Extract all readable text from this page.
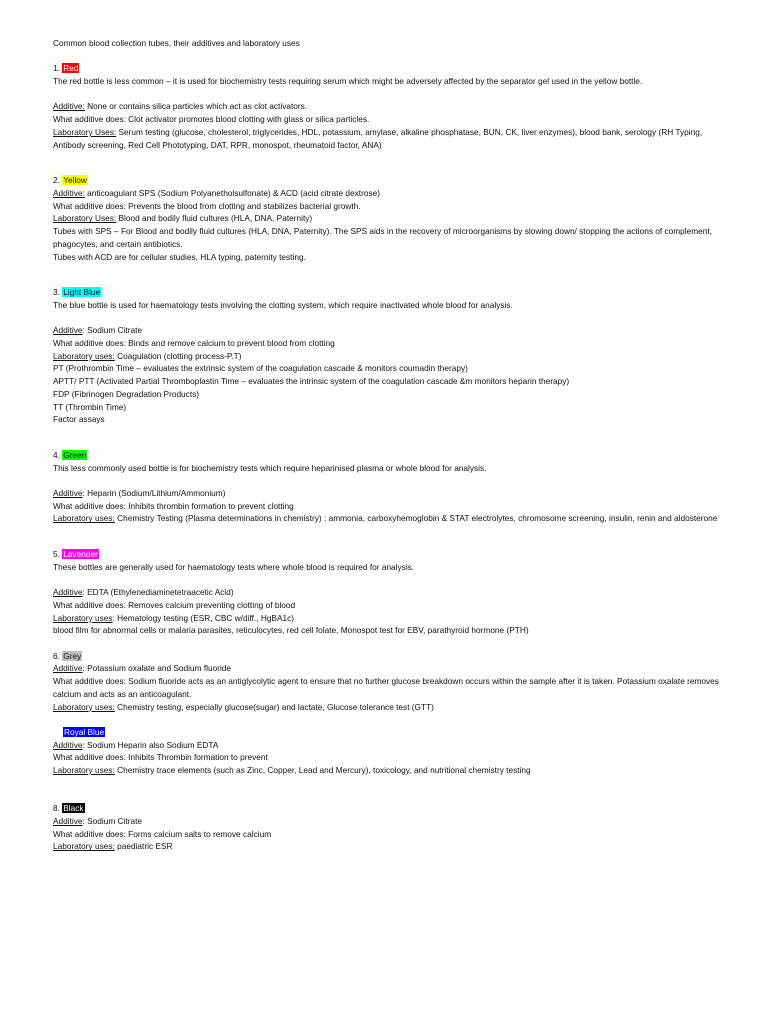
Common blood collection tubes, their additives and laboratory uses
1. Red
The red bottle is less common – it is used for biochemistry tests requiring serum which might be adversely affected by the separator gel used in the yellow bottle.
Additive: None or contains silica particles which act as clot activators.
What additive does: Clot activator promotes blood clotting with glass or silica particles.
Laboratory Uses: Serum testing (glucose, cholesterol, triglycerides, HDL, potassium, amylase, alkaline phosphatase, BUN, CK, liver enzymes), blood bank, serology (RH Typing, Antibody screening, Red Cell Phototyping, DAT, RPR, monospot, rheumatoid factor, ANA)
2. Yellow
Additive: anticoagulant SPS (Sodium Polyanetholsulfonate) & ACD (acid citrate dextrose)
What additive does: Prevents the blood from clotting and stabilizes bacterial growth.
Laboratory Uses: Blood and bodily fluid cultures (HLA, DNA, Paternity)
Tubes with SPS – For Blood and bodily fluid cultures (HLA, DNA, Paternity). The SPS aids in the recovery of microorganisms by slowing down/ stopping the actions of complement, phagocytes, and certain antibiotics.
Tubes with ACD are for cellular studies, HLA typing, paternity testing.
3. Light Blue
The blue bottle is used for haematology tests involving the clotting system, which require inactivated whole blood for analysis.
Additive: Sodium Citrate
What additive does: Binds and remove calcium to prevent blood from clotting
Laboratory uses: Coagulation (clotting process-P.T)
PT (Prothrombin Time – evaluates the extrinsic system of the coagulation cascade & monitors coumadin therapy)
APTT/ PTT (Activated Partial Thromboplastin Time – evaluates the intrinsic system of the coagulation cascade &m monitors heparin therapy)
FDP (Fibrinogen Degradation Products)
TT (Thrombin Time)
Factor assays
4. Green
This less commonly used bottle is for biochemistry tests which require heparinised plasma or whole blood for analysis.
Additive: Heparin (Sodium/Lithium/Ammonium)
What additive does: Inhibits thrombin formation to prevent clotting
Laboratory uses: Chemistry Testing (Plasma determinations in chemistry) : ammonia, carboxyhemoglobin & STAT electrolytes, chromosome screening, insulin, renin and aldosterone
5. Lavender
These bottles are generally used for haematology tests where whole blood is required for analysis.
Additive: EDTA (Ethylenediaminetetraacetic Acid)
What additive does: Removes calcium preventing clotting of blood
Laboratory uses: Hematology testing (ESR, CBC w/diff., HgBA1c)
blood film for abnormal cells or malaria parasites, reticulocytes, red cell folate, Monospot test for EBV, parathyroid hormone (PTH)
6. Grey
Additive: Potassium oxalate and Sodium fluoride
What additive does: Sodium fluoride acts as an antiglycolytic agent to ensure that no further glucose breakdown occurs within the sample after it is taken. Potassium oxalate removes calcium and acts as an anticoagulant.
Laboratory uses: Chemistry testing, especially glucose(sugar) and lactate, Glucose tolerance test (GTT)
Royal Blue
Additive: Sodium Heparin also Sodium EDTA
What additive does: Inhibits Thrombin formation to prevent
Laboratory uses: Chemistry trace elements (such as Zinc, Copper, Lead and Mercury), toxicology, and nutritional chemistry testing
8. Black
Additive: Sodium Citrate
What additive does: Forms calcium salts to remove calcium
Laboratory uses: paediatric ESR
